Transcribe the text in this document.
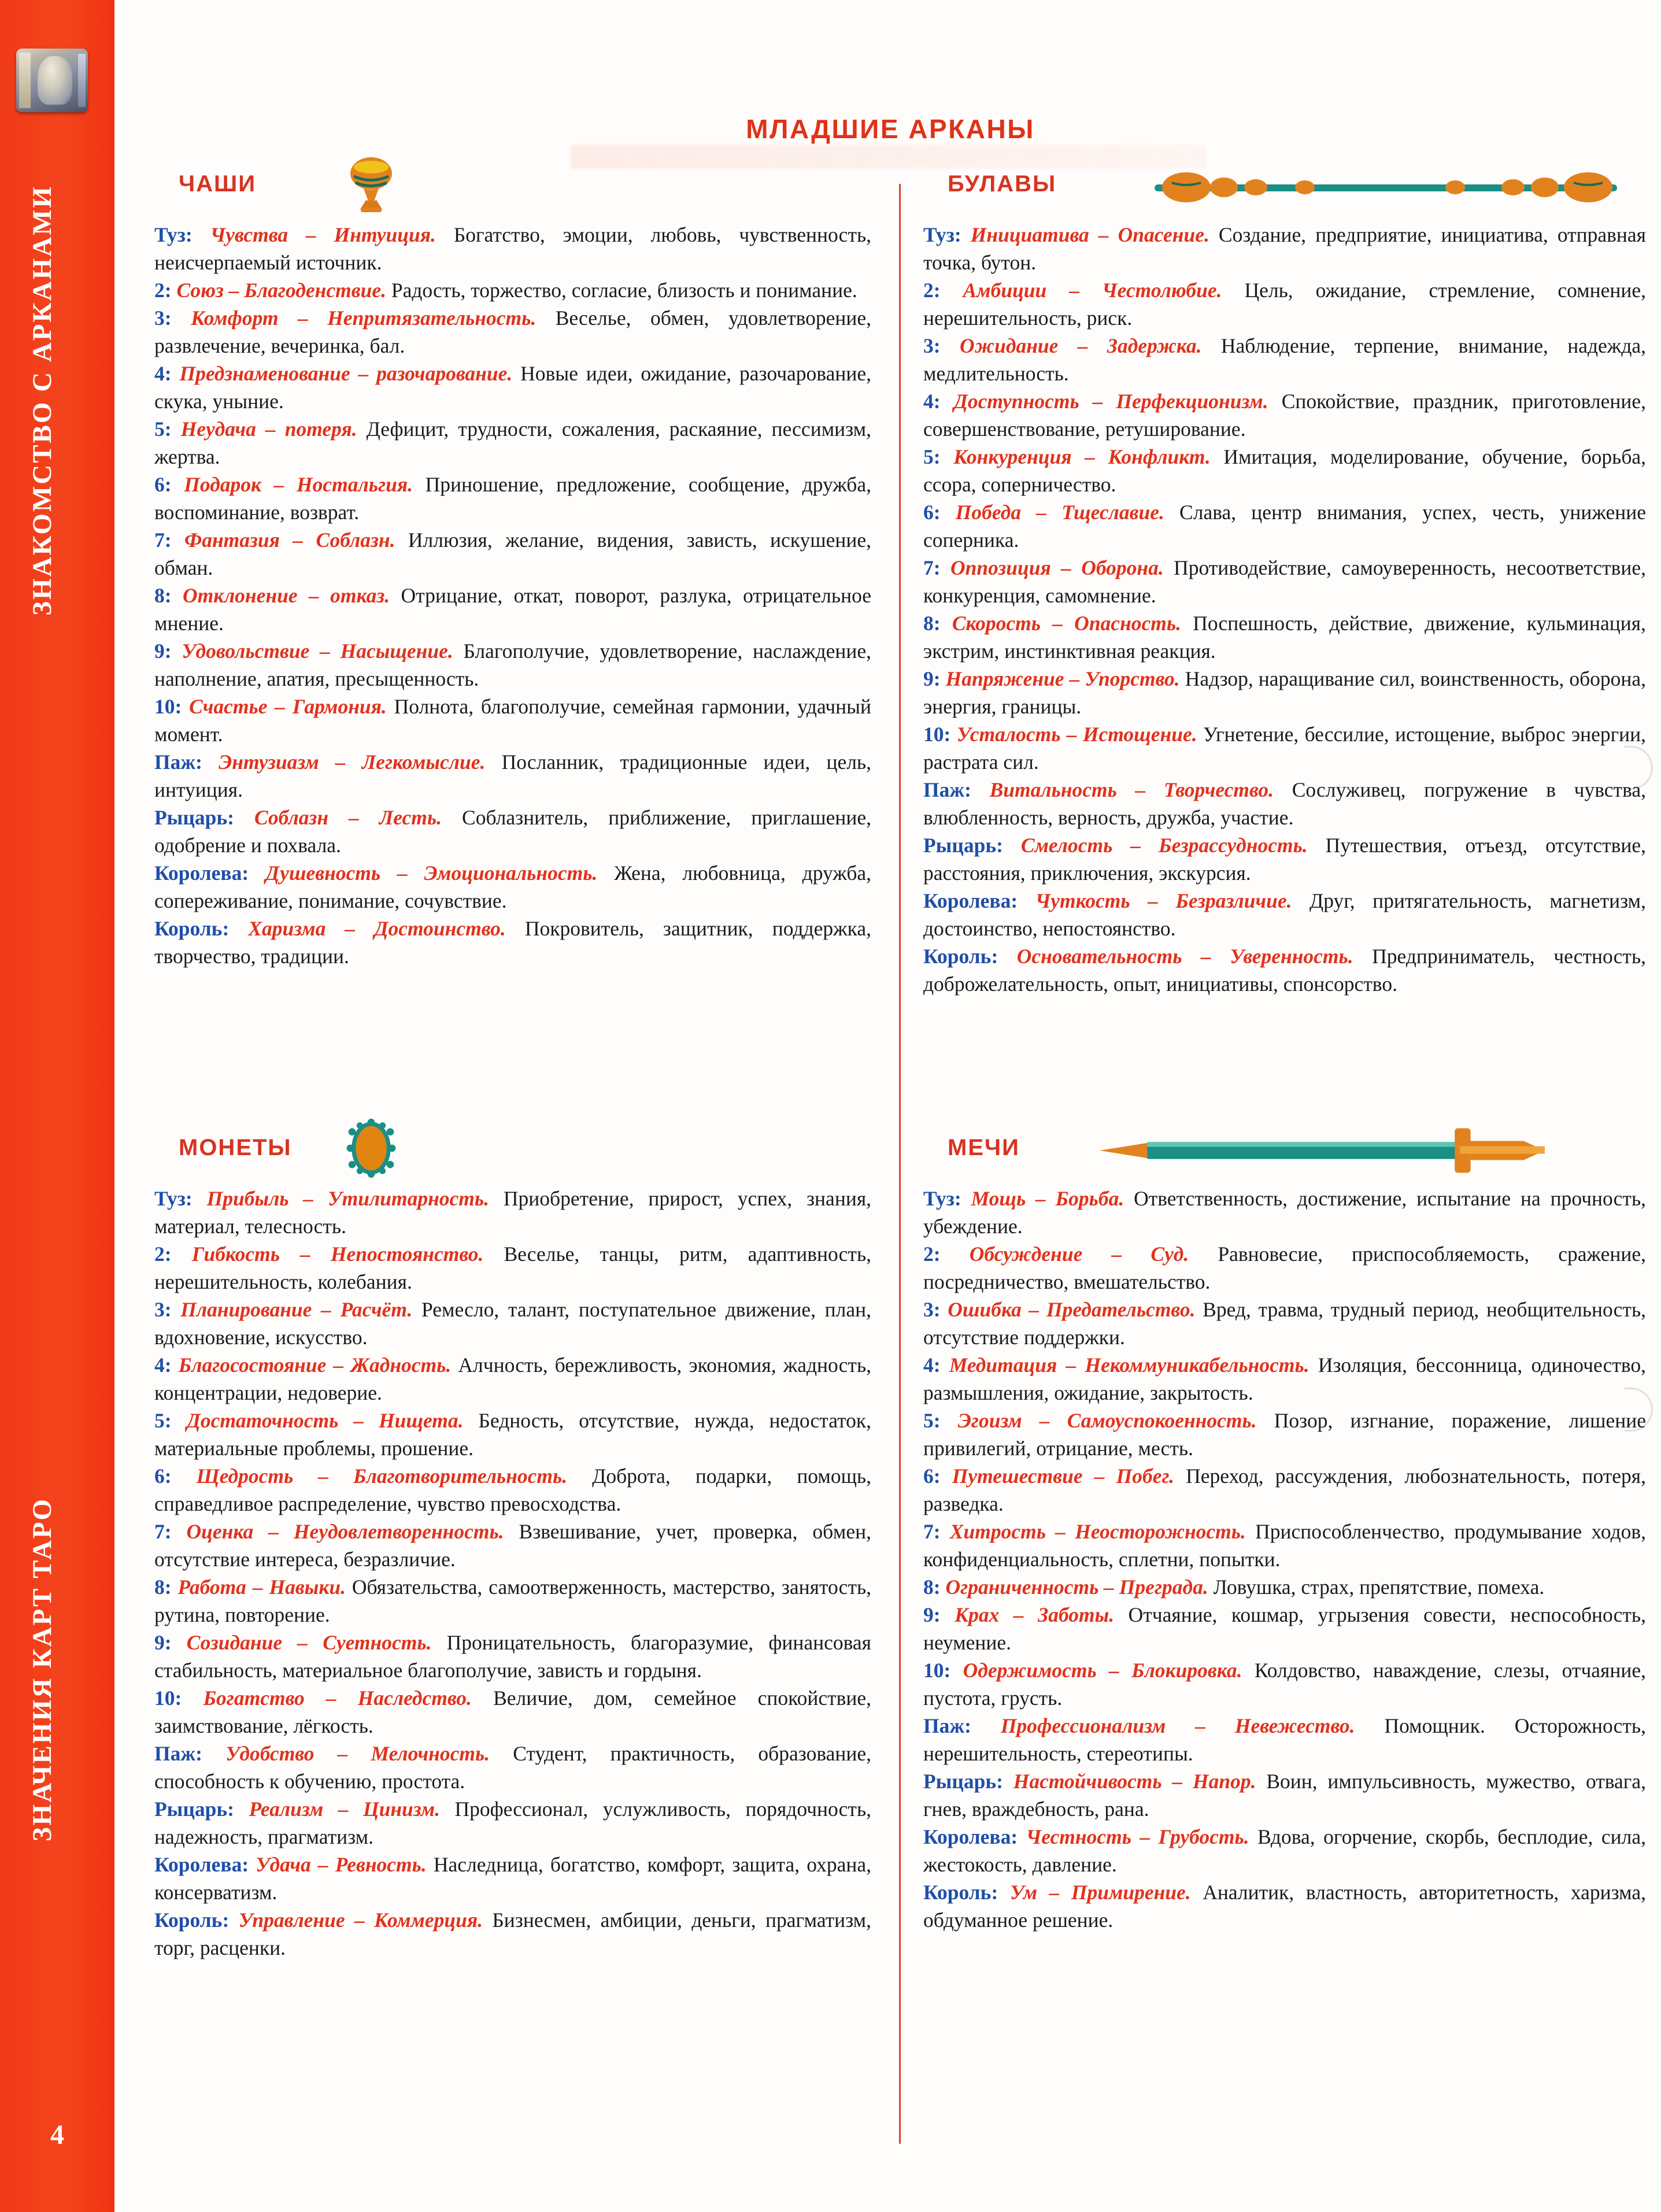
ЗНАКОМСТВО С АРКАНАМИ
ЗНАЧЕНИЯ КАРТ ТАРО
4
МЛАДШИЕ АРКАНЫ
ЧАШИ

Туз: Чувства – Интуиция. Богатство, эмоции, любовь, чувственность, неисчерпаемый источник.

2: Союз – Благоденствие. Радость, торжество, согласие, близость и понимание.

3: Комфорт – Непритязательность. Веселье, обмен, удовлетворение, развлечение, вечеринка, бал.

4: Предзнаменование – разочарование. Новые идеи, ожидание, разочарование, скука, уныние.

5: Неудача – потеря. Дефицит, трудности, сожаления, раскаяние, пессимизм, жертва.

6: Подарок – Ностальгия. Приношение, предложение, сообщение, дружба, воспоминание, возврат.

7: Фантазия – Соблазн. Иллюзия, желание, видения, зависть, искушение, обман.

8: Отклонение – отказ. Отрицание, откат, поворот, разлука, отрицательное мнение.

9: Удовольствие – Насыщение. Благополучие, удовлетворение, наслаждение, наполнение, апатия, пресыщенность.

10: Счастье – Гармония. Полнота, благополучие, семейная гармонии, удачный момент.

Паж: Энтузиазм – Легкомыслие. Посланник, традиционные идеи, цель, интуиция.

Рыцарь: Соблазн – Лесть. Соблазнитель, приближение, приглашение, одобрение и похвала.

Королева: Душевность – Эмоциональность. Жена, любовница, дружба, сопереживание, понимание, сочувствие.

Король: Харизма – Достоинство. Покровитель, защитник, поддержка, творчество, традиции.

БУЛАВЫ

Туз: Инициатива – Опасение. Создание, предприятие, инициатива, отправная точка, бутон.

2: Амбиции – Честолюбие. Цель, ожидание, стремление, сомнение, нерешительность, риск.

3: Ожидание – Задержка. Наблюдение, терпение, внимание, надежда, медлительность.

4: Доступность – Перфекционизм. Спокойствие, праздник, приготовление, совершенствование, ретуширование.

5: Конкуренция – Конфликт. Имитация, моделирование, обучение, борьба, ссора, соперничество.

6: Победа – Тщеславие. Слава, центр внимания, успех, честь, унижение соперника.

7: Оппозиция – Оборона. Противодействие, самоуверенность, несоответствие, конкуренция, самомнение.

8: Скорость – Опасность. Поспешность, действие, движение, кульминация, экстрим, инстинктивная реакция.

9: Напряжение – Упорство. Надзор, наращивание сил, воинственность, оборона, энергия, границы.

10: Усталость – Истощение. Угнетение, бессилие, истощение, выброс энергии, растрата сил.

Паж: Витальность – Творчество. Сослуживец, погружение в чувства, влюбленность, верность, дружба, участие.

Рыцарь: Смелость – Безрассудность. Путешествия, отъезд, отсутствие, расстояния, приключения, экскурсия.

Королева: Чуткость – Безразличие. Друг, притягательность, магнетизм, достоинство, непостоянство.

Король: Основательность – Уверенность. Предприниматель, честность, доброжелательность, опыт, инициативы, спонсорство.

МОНЕТЫ

Туз: Прибыль – Утилитарность. Приобретение, прирост, успех, знания, материал, телесность.

2: Гибкость – Непостоянство. Веселье, танцы, ритм, адаптивность, нерешительность, колебания.

3: Планирование – Расчёт. Ремесло, талант, поступательное движение, план, вдохновение, искусство.

4: Благосостояние – Жадность. Алчность, бережливость, экономия, жадность, концентрации, недоверие.

5: Достаточность – Нищета. Бедность, отсутствие, нужда, недостаток, материальные проблемы, прошение.

6: Щедрость – Благотворительность. Доброта, подарки, помощь, справедливое распределение, чувство превосходства.

7: Оценка – Неудовлетворенность. Взвешивание, учет, проверка, обмен, отсутствие интереса, безразличие.

8: Работа – Навыки. Обязательства, самоотверженность, мастерство, занятость, рутина, повторение.

9: Созидание – Суетность. Проницательность, благоразумие, финансовая стабильность, материальное благополучие, зависть и гордыня.

10: Богатство – Наследство. Величие, дом, семейное спокойствие, заимствование, лёгкость.

Паж: Удобство – Мелочность. Студент, практичность, образование, способность к обучению, простота.

Рыцарь: Реализм – Цинизм. Профессионал, услужливость, порядочность, надежность, прагматизм.

Королева: Удача – Ревность. Наследница, богатство, комфорт, защита, охрана, консерватизм.

Король: Управление – Коммерция. Бизнесмен, амбиции, деньги, прагматизм, торг, расценки.

МЕЧИ

Туз: Мощь – Борьба. Ответственность, достижение, испытание на прочность, убеждение.

2: Обсуждение – Суд. Равновесие, приспособляемость, сражение, посредничество, вмешательство.

3: Ошибка – Предательство. Вред, травма, трудный период, необщительность, отсутствие поддержки.

4: Медитация – Некоммуникабельность. Изоляция, бессонница, одиночество, размышления, ожидание, закрытость.

5: Эгоизм – Самоуспокоенность. Позор, изгнание, поражение, лишение привилегий, отрицание, месть.

6: Путешествие – Побег. Переход, рассуждения, любознательность, потеря, разведка.

7: Хитрость – Неосторожность. Приспособленчество, продумывание ходов, конфиденциальность, сплетни, попытки.

8: Ограниченность – Преграда. Ловушка, страх, препятствие, помеха.

9: Крах – Заботы. Отчаяние, кошмар, угрызения совести, неспособность, неумение.

10: Одержимость – Блокировка. Колдовство, наваждение, слезы, отчаяние, пустота, грусть.

Паж: Профессионализм – Невежество. Помощник. Осторожность, нерешительность, стереотипы.

Рыцарь: Настойчивость – Напор. Воин, импульсивность, мужество, отвага, гнев, враждебность, рана.

Королева: Честность – Грубость. Вдова, огорчение, скорбь, бесплодие, сила, жестокость, давление.

Король: Ум – Примирение. Аналитик, властность, авторитетность, харизма, обдуманное решение.
